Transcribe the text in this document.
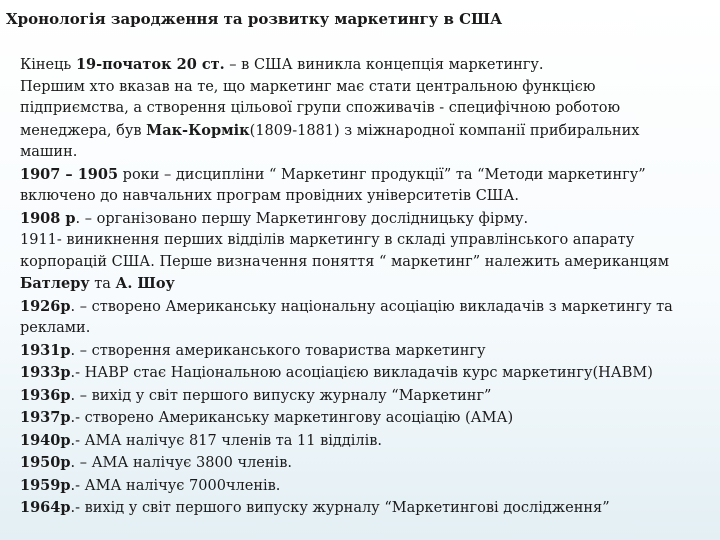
Хронологія зародження та розвитку маркетингу в США
Кінець 19-початок 20 ст. – в США виникла концепція маркетингу.
Першим хто вказав на те, що маркетинг має стати центральною функцією
підприємства, а створення цільової групи споживачів - специфічною роботою
менеджера, був Мак-Кормік(1809-1881) з міжнародної компанії прибиральних
машин.
1907 – 1905 роки – дисципліни “ Маркетинг продукції” та “Методи маркетингу”
включено до навчальних програм провідних університетів США.
1908 р. – організовано першу Маркетингову дослідницьку фірму.
1911- виникнення перших відділів маркетингу в складі управлінського апарату
корпорацій США. Перше визначення поняття “ маркетинг” належить американцям
Батлеру та А. Шоу
1926р. – створено Американську національну асоціацію викладачів з маркетингу та
реклами.
1931р. – створення американського товариства маркетингу
1933р.- НАВР стає Національною асоціацією викладачів курс маркетингу(НАВМ)
1936р. – вихід у світ першого випуску журналу “Маркетинг”
1937р.- створено Американську маркетингову асоціацію (АМА)
1940р.- АМА налічує 817 членів та 11 відділів.
1950р. – АМА налічує 3800 членів.
1959р.- АМА налічує 7000членів.
1964р.- вихід у світ першого випуску журналу “Маркетингові дослідження”
